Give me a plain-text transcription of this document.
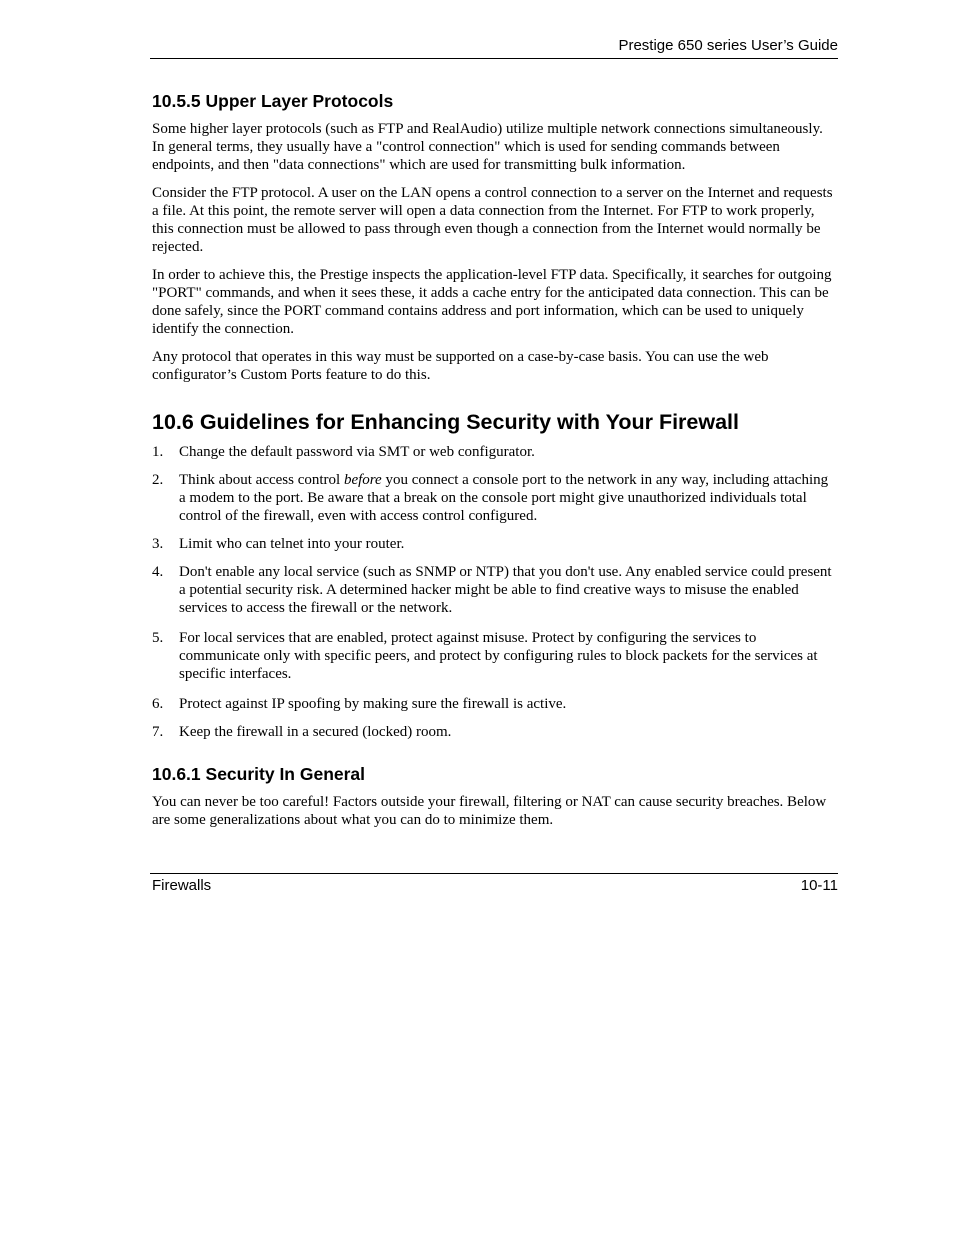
Prestige 650 series User’s Guide
10.5.5 Upper Layer Protocols

Some higher layer protocols (such as FTP and RealAudio) utilize multiple network connections simultaneously. In general terms, they usually have a "control connection" which is used for sending commands between endpoints, and then "data connections" which are used for transmitting bulk information.

Consider the FTP protocol. A user on the LAN opens a control connection to a server on the Internet and requests a file. At this point, the remote server will open a data connection from the Internet. For FTP to work properly, this connection must be allowed to pass through even though a connection from the Internet would normally be rejected.

In order to achieve this, the Prestige inspects the application-level FTP data. Specifically, it searches for outgoing "PORT" commands, and when it sees these, it adds a cache entry for the anticipated data connection. This can be done safely, since the PORT command contains address and port information, which can be used to uniquely identify the connection.

Any protocol that operates in this way must be supported on a case-by-case basis. You can use the web configurator’s Custom Ports feature to do this.

10.6 Guidelines for Enhancing Security with Your Firewall
1. Change the default password via SMT or web configurator.
2. Think about access control before you connect a console port to the network in any way, including attaching a modem to the port. Be aware that a break on the console port might give unauthorized individuals total control of the firewall, even with access control configured.
3. Limit who can telnet into your router.
4. Don't enable any local service (such as SNMP or NTP) that you don't use. Any enabled service could present a potential security risk. A determined hacker might be able to find creative ways to misuse the enabled services to access the firewall or the network.
5. For local services that are enabled, protect against misuse. Protect by configuring the services to communicate only with specific peers, and protect by configuring rules to block packets for the services at specific interfaces.
6. Protect against IP spoofing by making sure the firewall is active.
7. Keep the firewall in a secured (locked) room.
10.6.1 Security In General

You can never be too careful! Factors outside your firewall, filtering or NAT can cause security breaches. Below are some generalizations about what you can do to minimize them.

Firewalls	10-11
